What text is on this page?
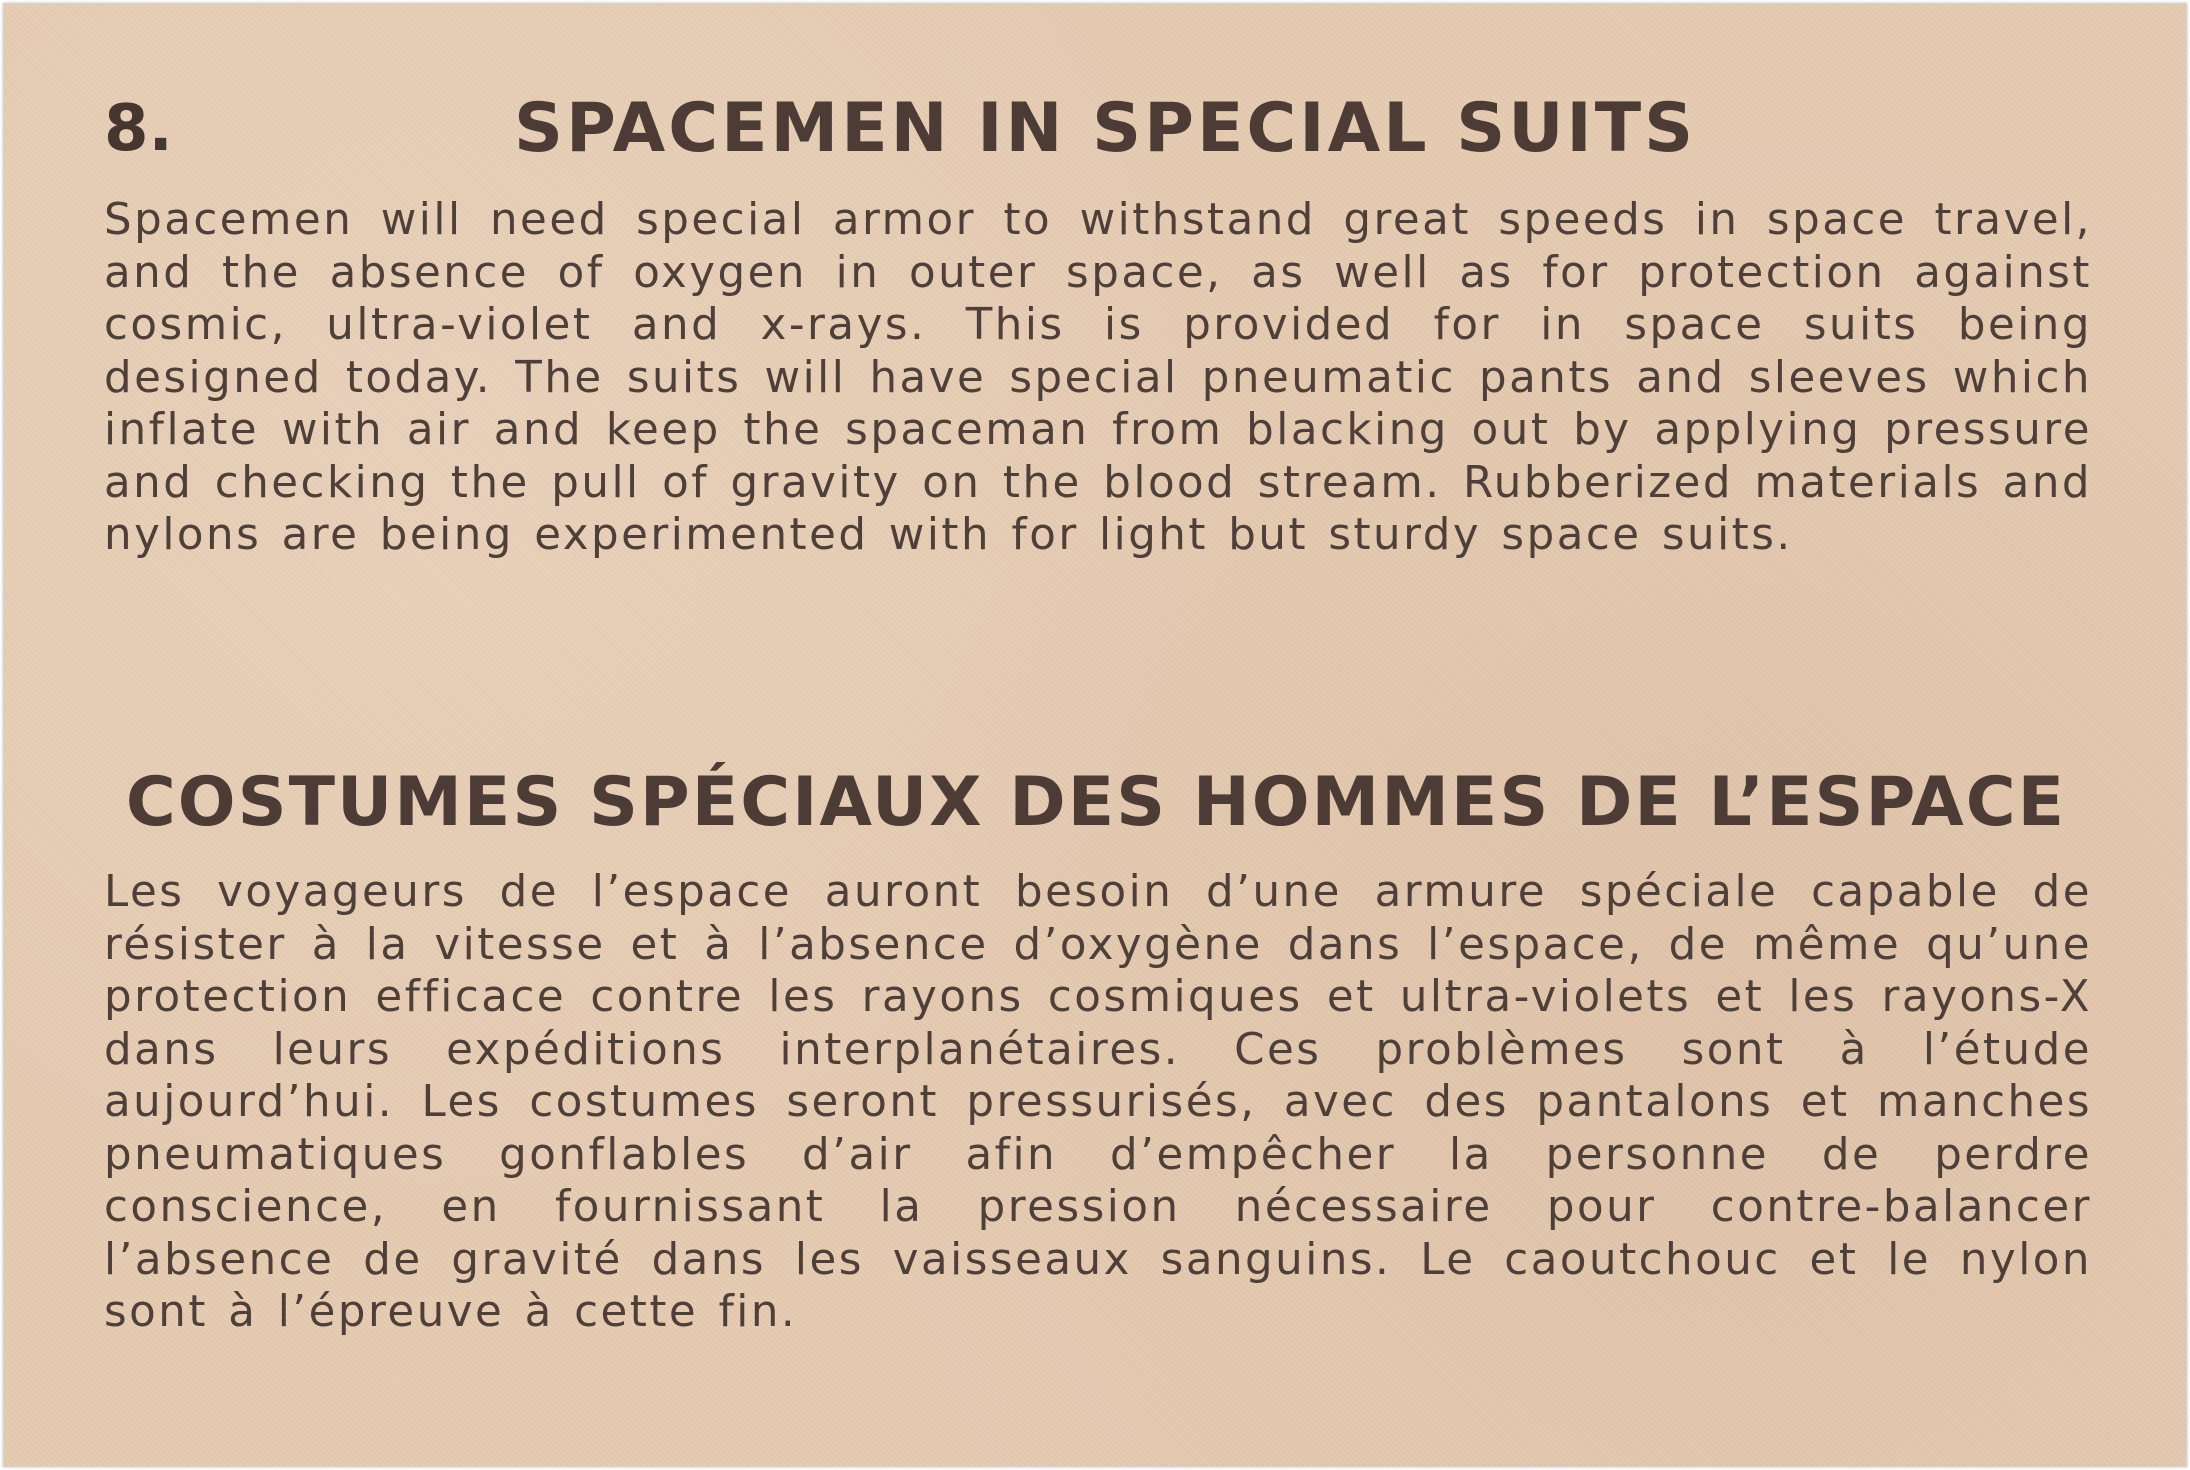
8.	SPACEMEN IN SPECIAL SUITS

Spacemen will need special armor to withstand great speeds in space travel, and the absence of oxygen in outer space, as well as for protection against cosmic, ultra-violet and x-rays. This is provided for in space suits being designed today. The suits will have special pneumatic pants and sleeves which inflate with air and keep the spaceman from blacking out by applying pressure and checking the pull of gravity on the blood stream. Rubberized materials and nylons are being experimented with for light but sturdy space suits.

COSTUMES SPÉCIAUX DES HOMMES DE L’ESPACE

Les voyageurs de l’espace auront besoin d’une armure spéciale capable de résister à la vitesse et à l’absence d’oxygène dans l’espace, de même qu’une protection efficace contre les rayons cosmiques et ultra-violets et les rayons-X dans leurs expéditions interplanétaires. Ces problèmes sont à l’étude aujourd’hui. Les costumes seront pressurisés, avec des pantalons et manches pneumatiques gonflables d’air afin d’empêcher la personne de perdre conscience, en fournissant la pression nécessaire pour contre-balancer l’absence de gravité dans les vaisseaux sanguins. Le caoutchouc et le nylon sont à l’épreuve à cette fin.
